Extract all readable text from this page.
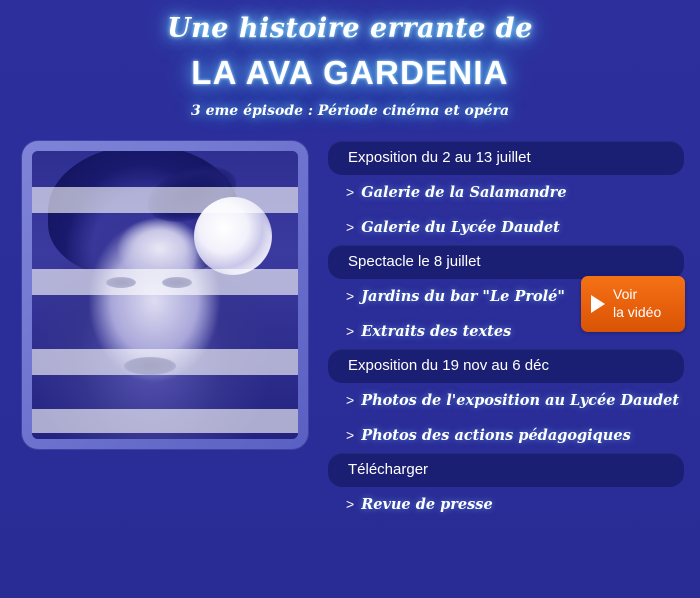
Une histoire errante de
LA AVA GARDENIA
3 eme épisode : Période cinéma et opéra
Exposition du 2 au 13 juillet
> Galerie de la Salamandre
> Galerie du Lycée Daudet
Spectacle le 8 juillet
> Jardins du bar "Le Prolé"
> Extraits des textes
Exposition du 19 nov au 6 déc
> Photos de l'exposition au Lycée Daudet
> Photos des actions pédagogiques
Télécharger
> Revue de presse
Voir
la vidéo
